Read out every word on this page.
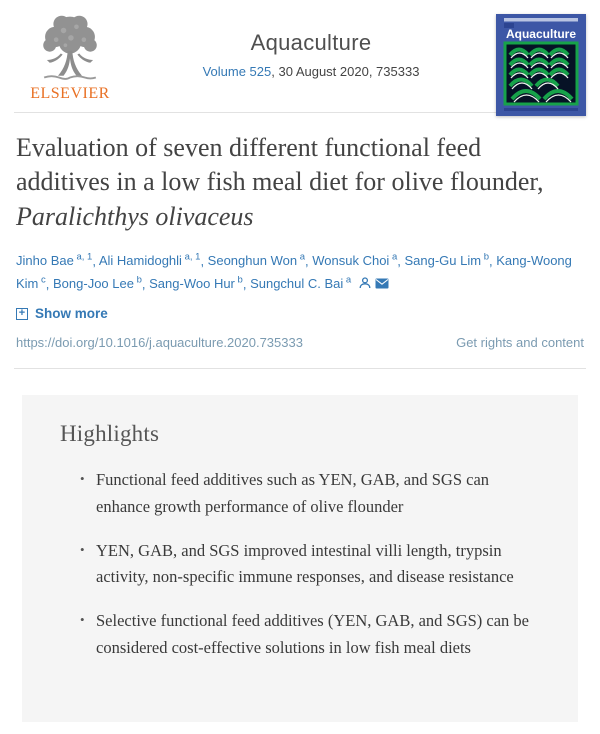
ELSEVIER
Aquaculture
Volume 525, 30 August 2020, 735333
Aquaculture
Evaluation of seven different functional feed additives in a low fish meal diet for olive flounder, Paralichthys olivaceus
Jinho Bae $^{a, 1}$, Ali Hamidoghli $^{a, 1}$, Seonghun Won $^a$, Wonsuk Choi $^a$, Sang-Gu Lim $^b$, Kang-Woong Kim $^c$, Bong-Joo Lee $^b$, Sang-Woo Hur $^b$, Sungchul C. Bai $^a$
+ Show more
https://doi.org/10.1016/j.aquaculture.2020.735333	Get rights and content
Highlights
• Functional feed additives such as YEN, GAB, and SGS can enhance growth performance of olive flounder
• YEN, GAB, and SGS improved intestinal villi length, trypsin activity, non-specific immune responses, and disease resistance
• Selective functional feed additives (YEN, GAB, and SGS) can be considered cost-effective solutions in low fish meal diets
